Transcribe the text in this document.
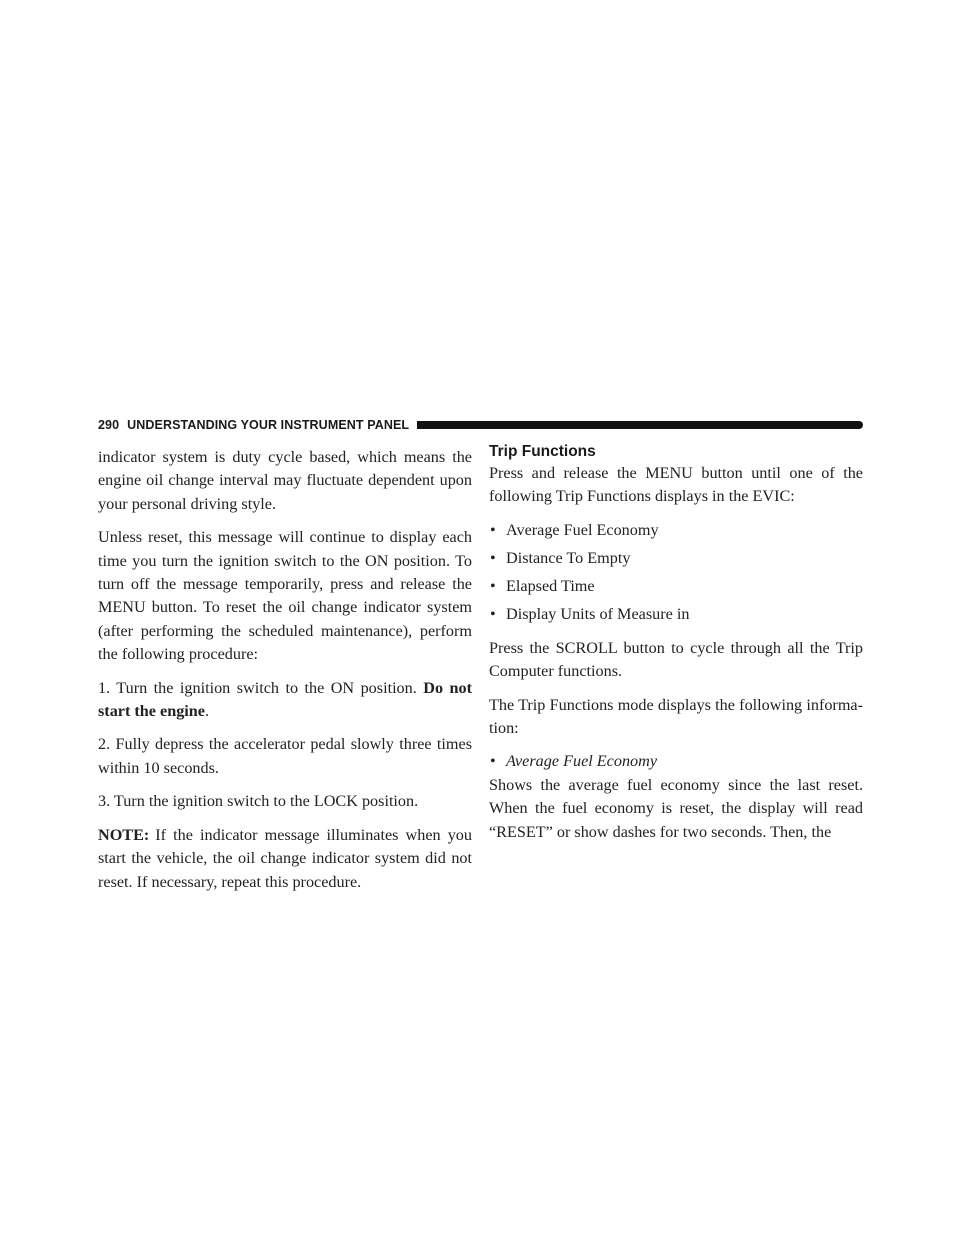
290 UNDERSTANDING YOUR INSTRUMENT PANEL

indicator system is duty cycle based, which means the engine oil change interval may fluctuate dependent upon your personal driving style.

Unless reset, this message will continue to display each time you turn the ignition switch to the ON position. To turn off the message temporarily, press and release the MENU button. To reset the oil change indicator system (after performing the scheduled maintenance), perform the following procedure:

1. Turn the ignition switch to the ON position. Do not start the engine.

2. Fully depress the accelerator pedal slowly three times within 10 seconds.

3. Turn the ignition switch to the LOCK position.

NOTE: If the indicator message illuminates when you start the vehicle, the oil change indicator system did not reset. If necessary, repeat this procedure.

Trip Functions

Press and release the MENU button until one of the following Trip Functions displays in the EVIC:

• Average Fuel Economy
• Distance To Empty
• Elapsed Time
• Display Units of Measure in

Press the SCROLL button to cycle through all the Trip Computer functions.

The Trip Functions mode displays the following informa-tion:

• Average Fuel Economy

Shows the average fuel economy since the last reset. When the fuel economy is reset, the display will read “RESET” or show dashes for two seconds. Then, the
